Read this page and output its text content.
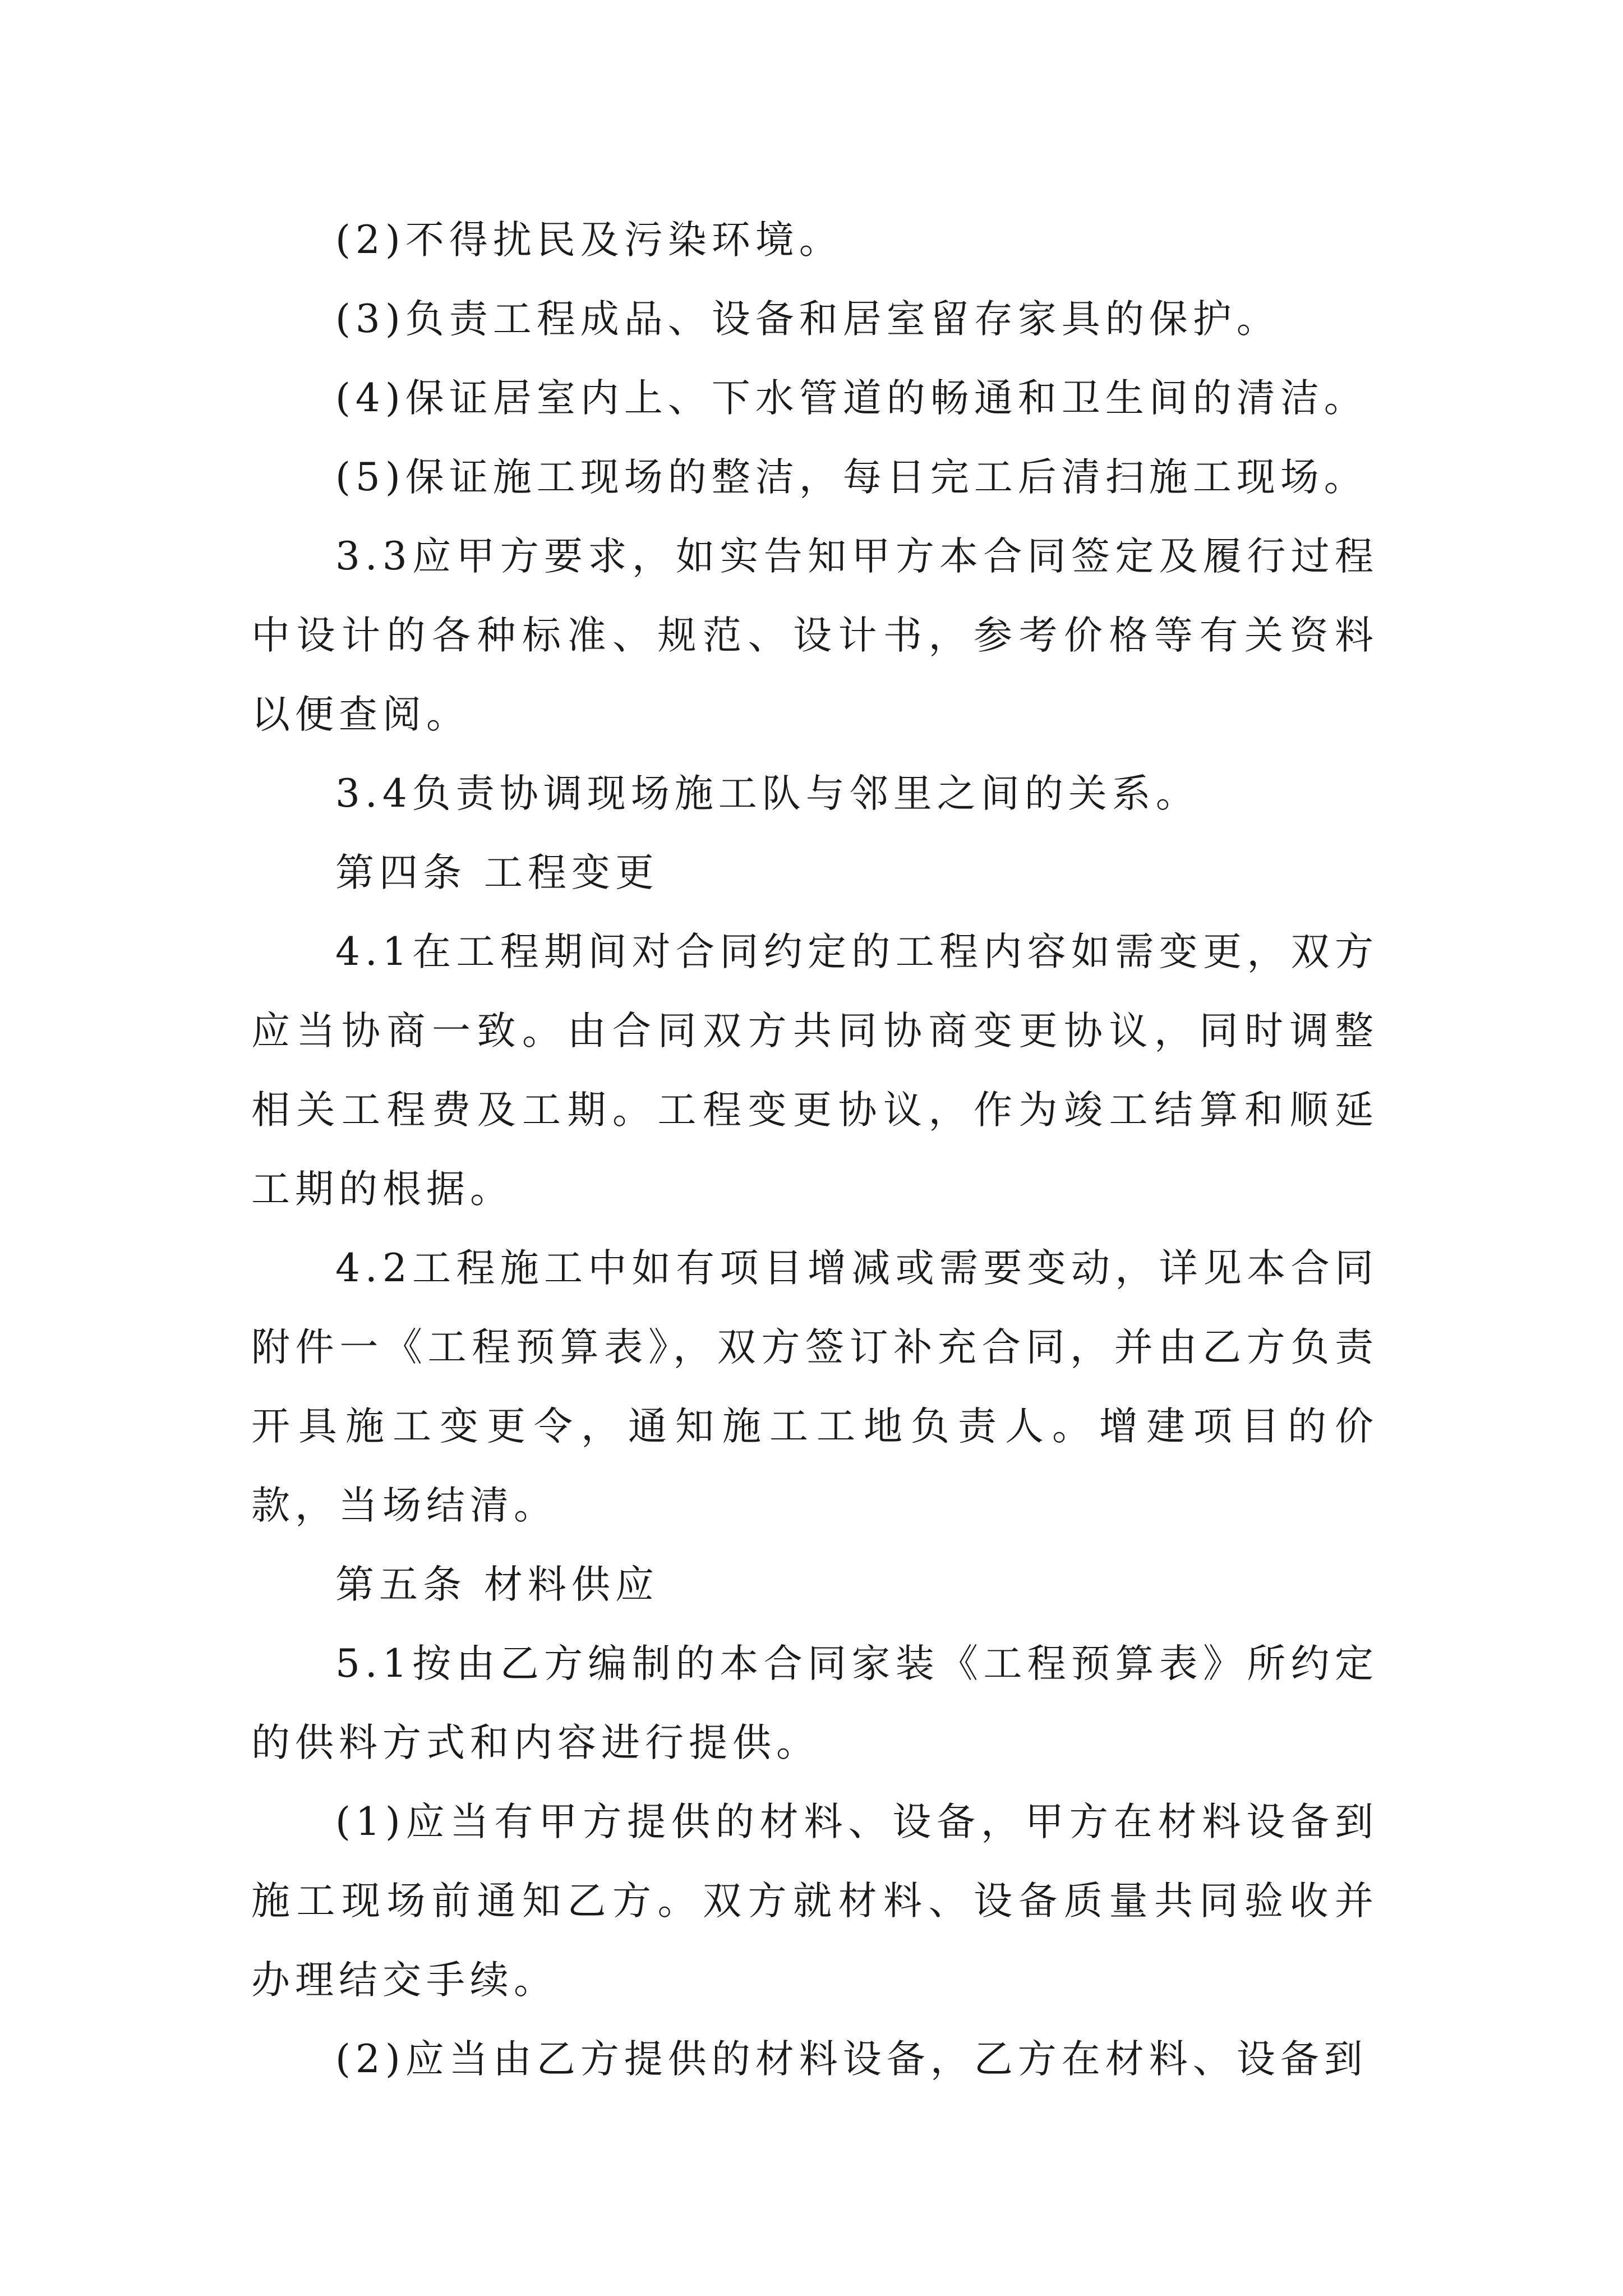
(2)不得扰民及污染环境。

(3)负责工程成品、设备和居室留存家具的保护。

(4)保证居室内上、下水管道的畅通和卫生间的清洁。

(5)保证施工现场的整洁，每日完工后清扫施工现场。

3.3应甲方要求，如实告知甲方本合同签定及履行过程中设计的各种标准、规范、设计书，参考价格等有关资料以便查阅。

3.4负责协调现场施工队与邻里之间的关系。

第四条 工程变更

4.1在工程期间对合同约定的工程内容如需变更，双方应当协商一致。由合同双方共同协商变更协议，同时调整相关工程费及工期。工程变更协议，作为竣工结算和顺延工期的根据。

4.2工程施工中如有项目增减或需要变动，详见本合同附件一《工程预算表》，双方签订补充合同，并由乙方负责开具施工变更令，通知施工工地负责人。增建项目的价款，当场结清。

第五条 材料供应

5.1按由乙方编制的本合同家装《工程预算表》所约定的供料方式和内容进行提供。

(1)应当有甲方提供的材料、设备，甲方在材料设备到施工现场前通知乙方。双方就材料、设备质量共同验收并办理结交手续。

(2)应当由乙方提供的材料设备，乙方在材料、设备到
